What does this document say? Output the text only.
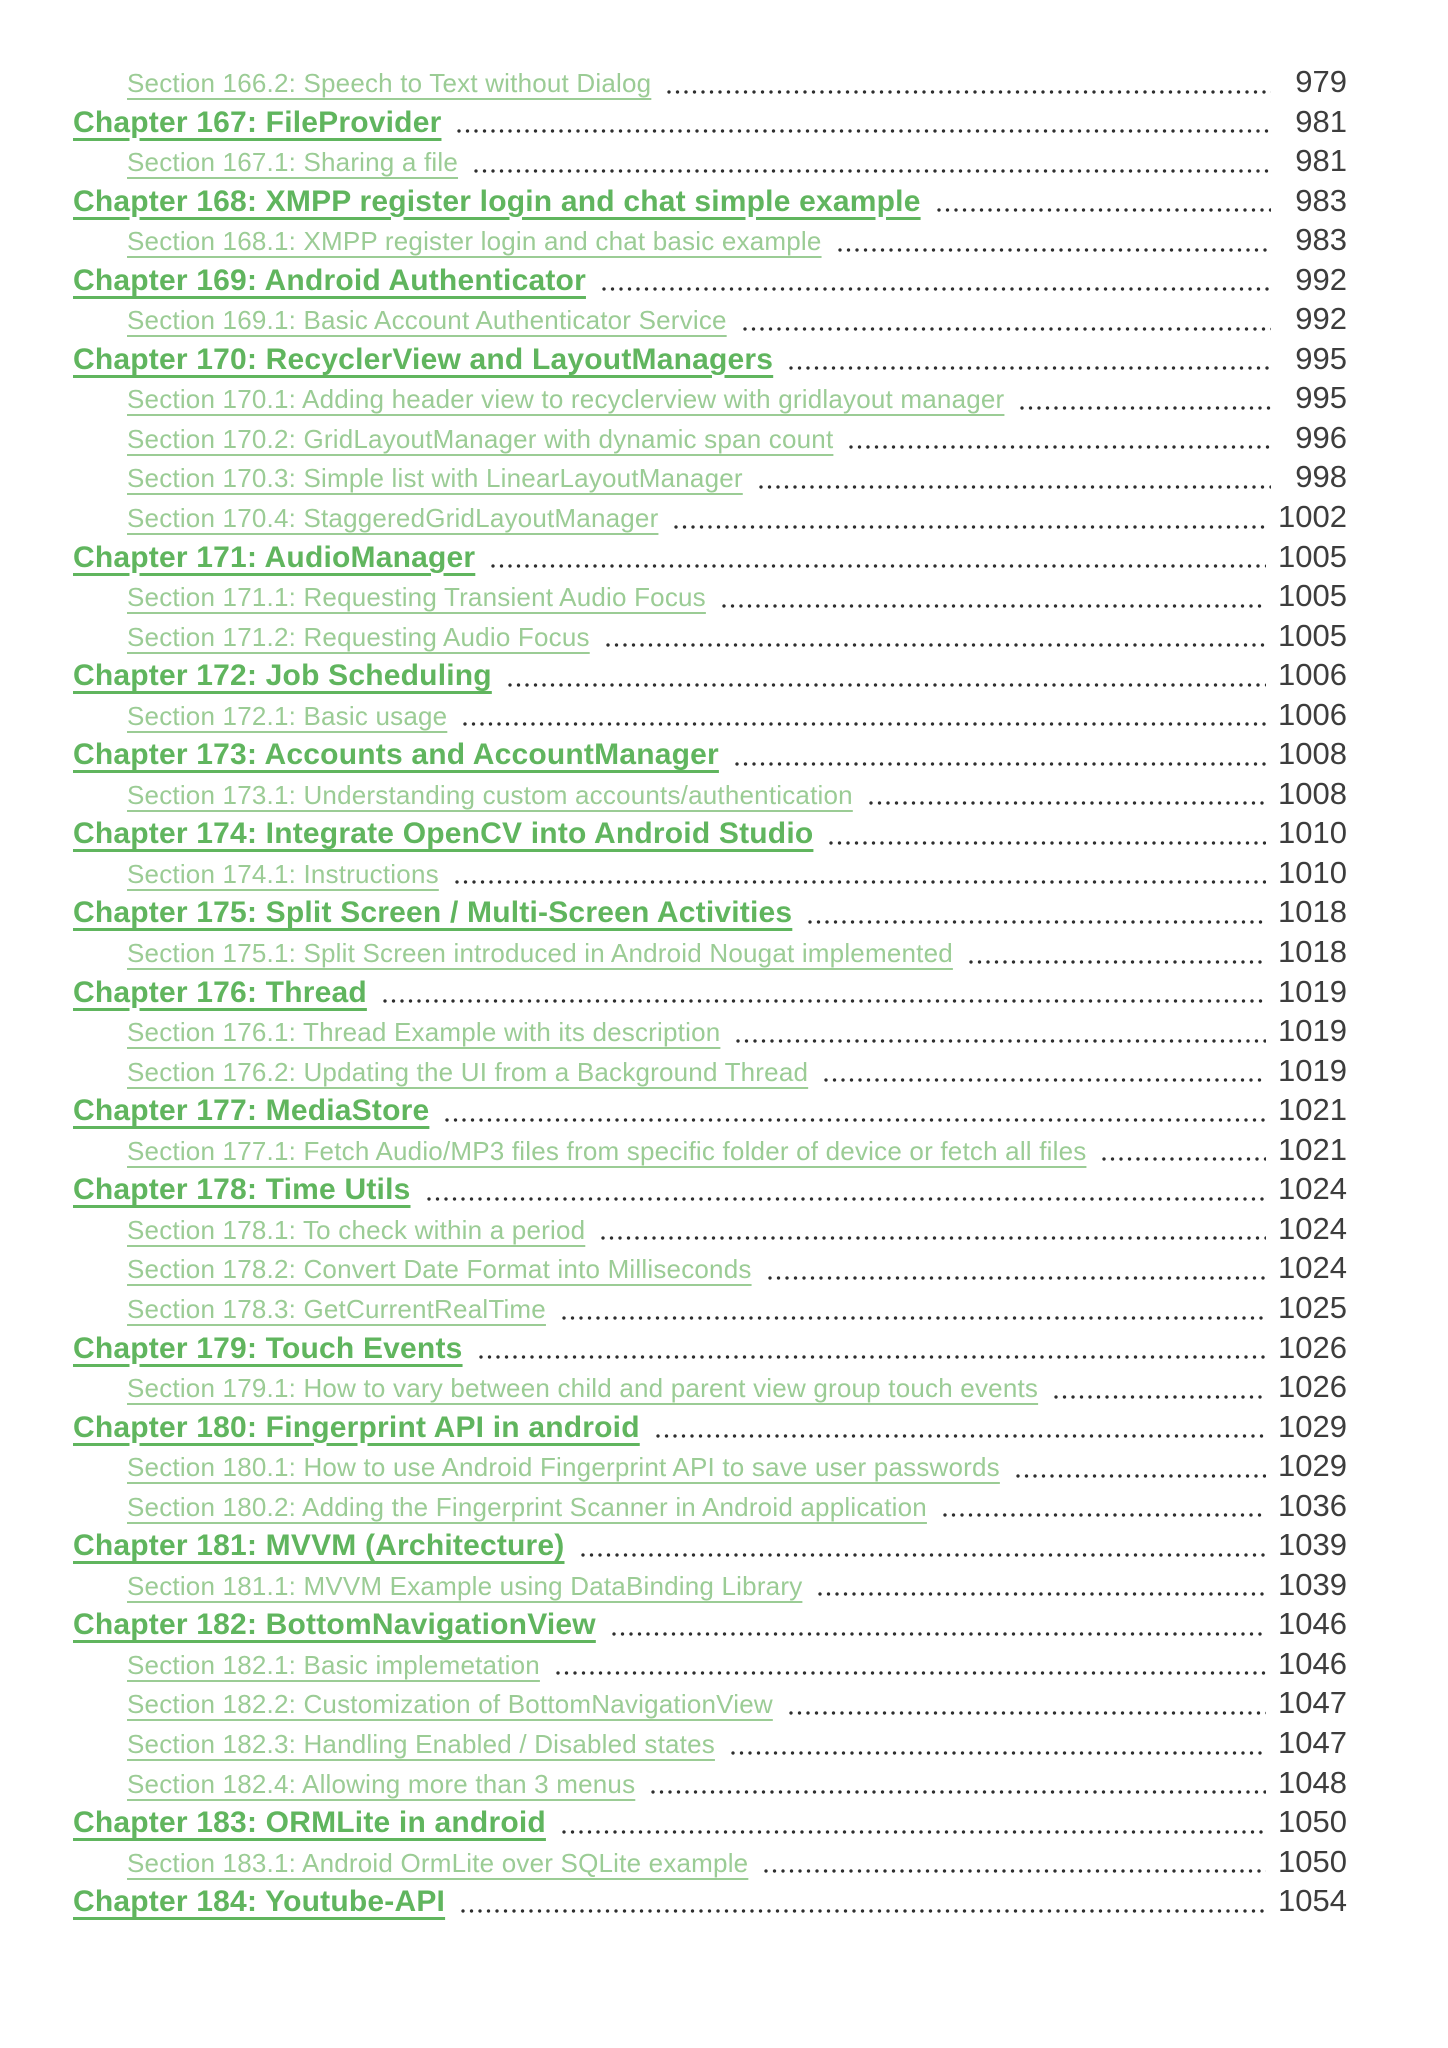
Section 166.2: Speech to Text without Dialog	979
Chapter 167: FileProvider	981
Section 167.1: Sharing a file	981
Chapter 168: XMPP register login and chat simple example	983
Section 168.1: XMPP register login and chat basic example	983
Chapter 169: Android Authenticator	992
Section 169.1: Basic Account Authenticator Service	992
Chapter 170: RecyclerView and LayoutManagers	995
Section 170.1: Adding header view to recyclerview with gridlayout manager	995
Section 170.2: GridLayoutManager with dynamic span count	996
Section 170.3: Simple list with LinearLayoutManager	998
Section 170.4: StaggeredGridLayoutManager	1002
Chapter 171: AudioManager	1005
Section 171.1: Requesting Transient Audio Focus	1005
Section 171.2: Requesting Audio Focus	1005
Chapter 172: Job Scheduling	1006
Section 172.1: Basic usage	1006
Chapter 173: Accounts and AccountManager	1008
Section 173.1: Understanding custom accounts/authentication	1008
Chapter 174: Integrate OpenCV into Android Studio	1010
Section 174.1: Instructions	1010
Chapter 175: Split Screen / Multi-Screen Activities	1018
Section 175.1: Split Screen introduced in Android Nougat implemented	1018
Chapter 176: Thread	1019
Section 176.1: Thread Example with its description	1019
Section 176.2: Updating the UI from a Background Thread	1019
Chapter 177: MediaStore	1021
Section 177.1: Fetch Audio/MP3 files from specific folder of device or fetch all files	1021
Chapter 178: Time Utils	1024
Section 178.1: To check within a period	1024
Section 178.2: Convert Date Format into Milliseconds	1024
Section 178.3: GetCurrentRealTime	1025
Chapter 179: Touch Events	1026
Section 179.1: How to vary between child and parent view group touch events	1026
Chapter 180: Fingerprint API in android	1029
Section 180.1: How to use Android Fingerprint API to save user passwords	1029
Section 180.2: Adding the Fingerprint Scanner in Android application	1036
Chapter 181: MVVM (Architecture)	1039
Section 181.1: MVVM Example using DataBinding Library	1039
Chapter 182: BottomNavigationView	1046
Section 182.1: Basic implemetation	1046
Section 182.2: Customization of BottomNavigationView	1047
Section 182.3: Handling Enabled / Disabled states	1047
Section 182.4: Allowing more than 3 menus	1048
Chapter 183: ORMLite in android	1050
Section 183.1: Android OrmLite over SQLite example	1050
Chapter 184: Youtube-API	1054
